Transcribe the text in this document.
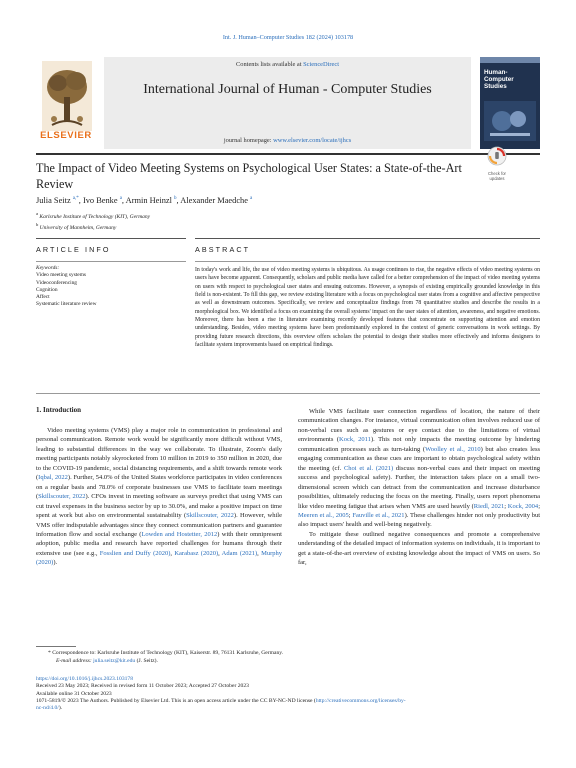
Int. J. Human–Computer Studies 182 (2024) 103178
ELSEVIER
Contents lists available at ScienceDirect
International Journal of Human - Computer Studies
journal homepage: www.elsevier.com/locate/ijhcs
Human-
Computer
Studies
The Impact of Video Meeting Systems on Psychological User States: a State-of-the-Art Review
Check for updates
Julia Seitz $^{a,*}$, Ivo Benke $^a$, Armin Heinzl $^b$, Alexander Maedche $^a$
$^a$ Karlsruhe Institute of Technology (KIT), Germany
$^b$ University of Mannheim, Germany
ARTICLE INFO	ABSTRACT
Keywords:
Video meeting systems
Videoconferencing
Cognition
Affect
Systematic literature review
In today's work and life, the use of video meeting systems is ubiquitous. As usage continues to rise, the negative effects of video meeting systems on users have become apparent. Consequently, scholars and public media have called for a better comprehension of the impact of video meeting systems on users with respect to psychological user states and ensuing outcomes. However, a synopsis of existing empirically grounded knowledge in this field is non-existent. To fill this gap, we review existing literature with a focus on psychological user states from a cognitive and affective perspective as well as downstream outcomes. Specifically, we review and conceptualize findings from 78 quantitative studies and describe the results in a morphological box. We identified a focus on examining the overall systems' impact on the user states of attention, awareness, and negative emotions. Moreover, there has been a rise in literature examining recently developed features that concentrate on supporting attention and emotion understanding. Besides, video meeting systems have been predominantly explored in the context of generic conversations in work settings. By providing future research directions, this overview offers scholars the potential to design their studies more effectively and informs designers to facilitate system improvements based on empirical findings.
1. Introduction

Video meeting systems (VMS) play a major role in communication in professional and personal communication. Remote work would be significantly more difficult without VMS, leading to substantial differences in the way we collaborate. To illustrate, Zoom's daily meeting participants notably skyrocketed from 10 million in 2019 to 350 million in 2020, due to the COVID-19 pandemic, social distancing requirements, and a shift towards remote work (Iqbal, 2022). Further, 54.0% of the United States workforce participates in video conferences on a regular basis and 78.0% of corporate businesses use VMS to facilitate team meetings (Skillscouter, 2022). CFOs invest in meeting software as surveys predict that using VMS can cut travel expenses in the business sector by up to 30.0%, and make a positive impact on time spent at work but also on environmental sustainability (Skillscouter, 2022). However, while VMS offer indisputable advantages since they connect communication partners and guarantee information flow and social exchange (Lowden and Hostetter, 2012) with their omnipresent adoption, public media and research have reported challenges for humans through their extensive use (see e.g., Fosslien and Duffy (2020), Karabasz (2020), Adam (2021), Murphy (2020)).

While VMS facilitate user connection regardless of location, the nature of their communication changes. For instance, virtual communication often involves reduced use of non-verbal cues such as gestures or eye contact due to the limitations of virtual environments (Kock, 2011). This not only impacts the meeting outcome by hindering communication processes such as turn-taking (Woolley et al., 2010) but also creates less engaging communication as these cues are important to obtain psychological safety within the meeting (cf. Choi et al. (2021) discuss non-verbal cues and their impact on meeting success and psychological safety). Further, the interaction takes place on a small two-dimensional screen which can detract from the communication and increase disturbance possibilities, ultimately reducing the focus on the meeting. Finally, users report phenomena like video meeting fatigue that arises when VMS are used heavily (Riedl, 2021; Kock, 2004; Meeren et al., 2005; Fauville et al., 2021). These challenges hinder not only productivity but also impact users' health and well-being negatively.

To mitigate these outlined negative consequences and promote a comprehensive understanding of the detailed impact of information systems on individuals, it is important to get a state-of-the-art overview of existing knowledge about the impact of VMS on users. So far,

* Correspondence to: Karlsruhe Institute of Technology (KIT), Kaiserstr. 89, 76131 Karlsruhe, Germany.
E-mail address: julia.seitz@kit.edu (J. Seitz).
https://doi.org/10.1016/j.ijhcs.2023.103178
Received 23 May 2023; Received in revised form 11 October 2023; Accepted 27 October 2023
Available online 31 October 2023
1071-5819/© 2023 The Authors. Published by Elsevier Ltd. This is an open access article under the CC BY-NC-ND license (http://creativecommons.org/licenses/by-
nc-nd/4.0/).
